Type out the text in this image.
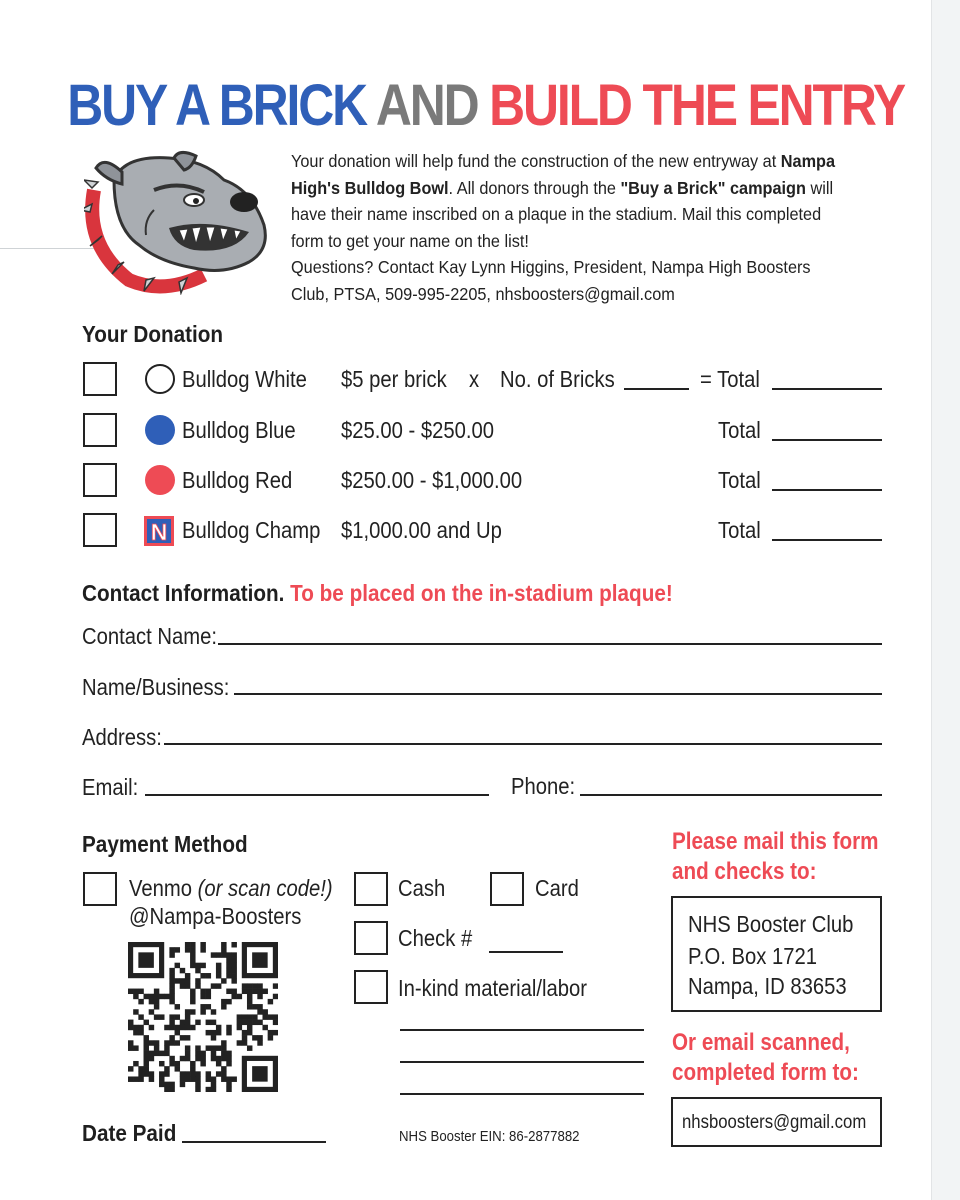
BUY A BRICK AND BUILD THE ENTRY
Your donation will help fund the construction of the new entryway at Nampa High's Bulldog Bowl. All donors through the "Buy a Brick" campaign will have their name inscribed on a plaque in the stadium. Mail this completed form to get your name on the list!
Questions? Contact Kay Lynn Higgins, President, Nampa High Boosters Club, PTSA, 509-995-2205, nhsboosters@gmail.com
Your Donation
Bulldog White $5 per brick x No. of Bricks	= Total
Bulldog Blue $25.00 - $250.00	Total
Bulldog Red $250.00 - $1,000.00	Total
N Bulldog Champ $1,000.00 and Up	Total
Contact Information. To be placed on the in-stadium plaque!
Contact Name:
Name/Business:
Address:
Email:	Phone:
Payment Method
Venmo (or scan code!)
@Nampa-Boosters
Cash	Card
Check #
In-kind material/labor
Date Paid	NHS Booster EIN: 86-2877882
Please mail this form
and checks to:
NHS Booster Club
P.O. Box 1721
Nampa, ID 83653
Or email scanned,
completed form to:
nhsboosters@gmail.com
